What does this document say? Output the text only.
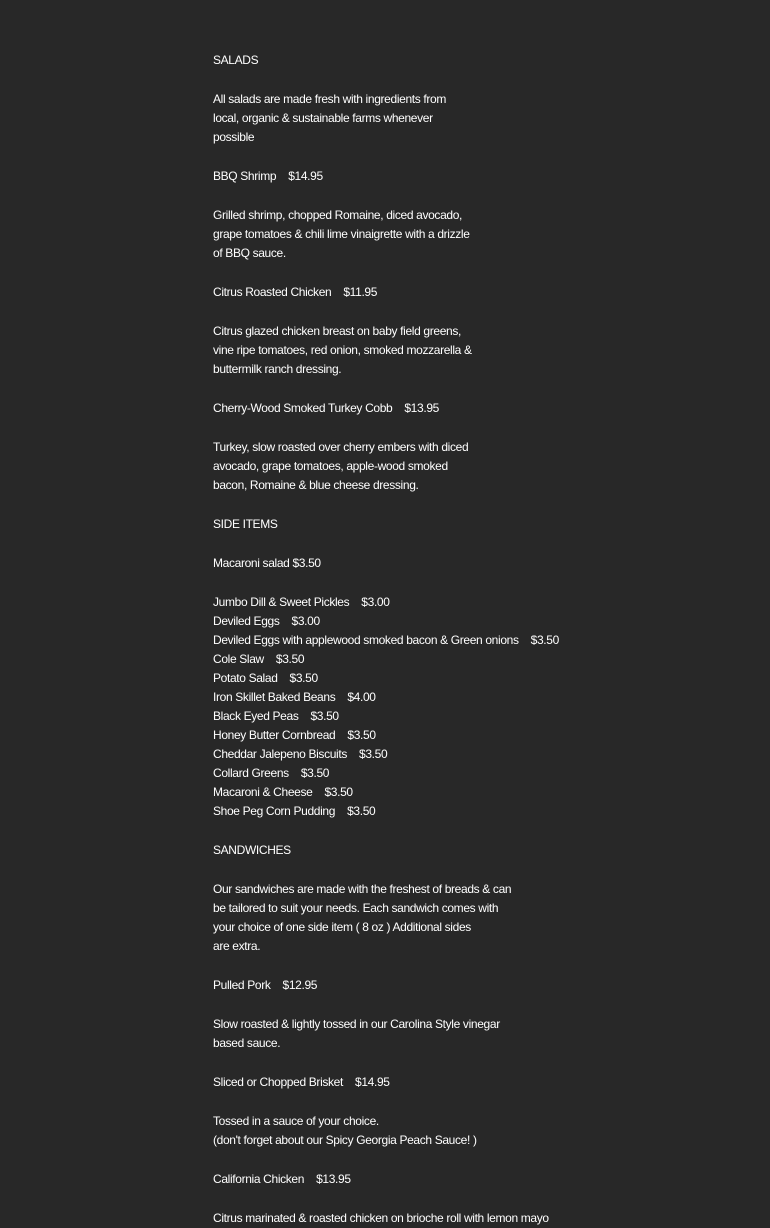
SALADS
All salads are made fresh with ingredients from
local, organic & sustainable farms whenever
possible
BBQ Shrimp $14.95
Grilled shrimp, chopped Romaine, diced avocado,
grape tomatoes & chili lime vinaigrette with a drizzle
of BBQ sauce.
Citrus Roasted Chicken $11.95
Citrus glazed chicken breast on baby field greens,
vine ripe tomatoes, red onion, smoked mozzarella &
buttermilk ranch dressing.
Cherry-Wood Smoked Turkey Cobb $13.95
Turkey, slow roasted over cherry embers with diced
avocado, grape tomatoes, apple-wood smoked
bacon, Romaine & blue cheese dressing.
SIDE ITEMS
Macaroni salad $3.50
Jumbo Dill & Sweet Pickles $3.00
Deviled Eggs $3.00
Deviled Eggs with applewood smoked bacon & Green onions $3.50
Cole Slaw $3.50
Potato Salad $3.50
Iron Skillet Baked Beans $4.00
Black Eyed Peas $3.50
Honey Butter Cornbread $3.50
Cheddar Jalepeno Biscuits $3.50
Collard Greens $3.50
Macaroni & Cheese $3.50
Shoe Peg Corn Pudding $3.50
SANDWICHES
Our sandwiches are made with the freshest of breads & can
be tailored to suit your needs. Each sandwich comes with
your choice of one side item ( 8 oz ) Additional sides
are extra.
Pulled Pork $12.95
Slow roasted & lightly tossed in our Carolina Style vinegar
based sauce.
Sliced or Chopped Brisket $14.95
Tossed in a sauce of your choice.
(don't forget about our Spicy Georgia Peach Sauce! )
California Chicken $13.95
Citrus marinated & roasted chicken on brioche roll with lemon mayo
